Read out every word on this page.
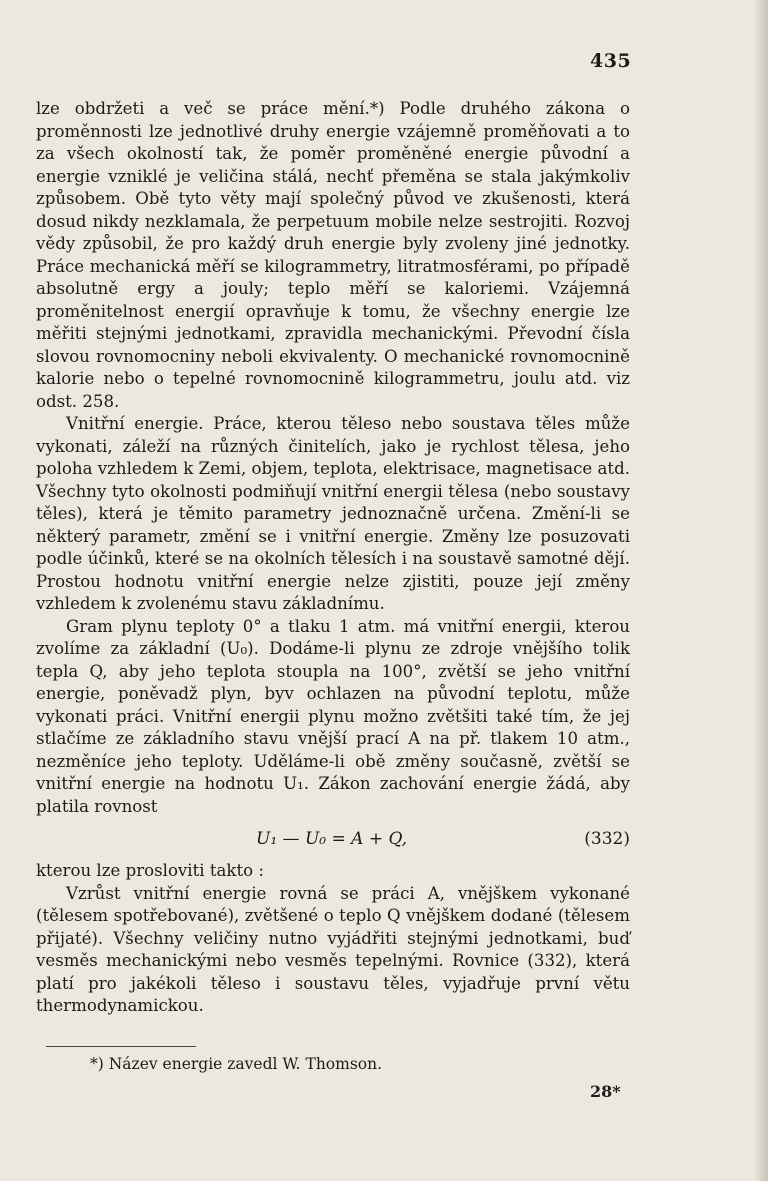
435

lze obdržeti a več se práce mění.*) Podle druhého zákona o proměnnosti lze jednotlivé druhy energie vzájemně proměňovati a to za všech okolností tak, že poměr proměněné energie původní a energie vzniklé je veličina stálá, nechť přeměna se stala jakýmkoliv způsobem. Obě tyto věty mají společný původ ve zkušenosti, která dosud nikdy nezklamala, že perpetuum mobile nelze sestrojiti. Rozvoj vědy způsobil, že pro každý druh energie byly zvoleny jiné jednotky. Práce mechanická měří se kilogrammetry, litratmosférami, po případě absolutně ergy a jouly; teplo měří se kaloriemi. Vzájemná proměnitelnost energií opravňuje k tomu, že všechny energie lze měřiti stejnými jednotkami, zpravidla mechanickými. Převodní čísla slovou rovnomocniny neboli ekvivalenty. O mechanické rovnomocnině kalorie nebo o tepelné rovnomocnině kilogrammetru, joulu atd. viz odst. 258.

Vnitřní energie. Práce, kterou těleso nebo soustava těles může vykonati, záleží na různých činitelích, jako je rychlost tělesa, jeho poloha vzhledem k Zemi, objem, teplota, elektrisace, magnetisace atd. Všechny tyto okolnosti podmiňují vnitřní energii tělesa (nebo soustavy těles), která je těmito parametry jednoznačně určena. Změní-li se některý parametr, změní se i vnitřní energie. Změny lze posuzovati podle účinků, které se na okolních tělesích i na soustavě samotné dějí. Prostou hodnotu vnitřní energie nelze zjistiti, pouze její změny vzhledem k zvolenému stavu základnímu.

Gram plynu teploty 0° a tlaku 1 atm. má vnitřní energii, kterou zvolíme za základní (U₀). Dodáme-li plynu ze zdroje vnějšího tolik tepla Q, aby jeho teplota stoupla na 100°, zvětší se jeho vnitřní energie, poněvadž plyn, byv ochlazen na původní teplotu, může vykonati práci. Vnitřní energii plynu možno zvětšiti také tím, že jej stlačíme ze základního stavu vnější prací A na př. tlakem 10 atm., nezměníce jeho teploty. Uděláme-li obě změny současně, zvětší se vnitřní energie na hodnotu U₁. Zákon zachování energie žádá, aby platila rovnost

U₁ — U₀ = A + Q,	(332)

kterou lze prosloviti takto :

Vzrůst vnitřní energie rovná se práci A, vnějškem vykonané (tělesem spotřebované), zvětšené o teplo Q vnějškem dodané (tělesem přijaté). Všechny veličiny nutno vyjádřiti stejnými jednotkami, buď vesměs mechanickými nebo vesměs tepelnými. Rovnice (332), která platí pro jakékoli těleso i soustavu těles, vyjadřuje první větu thermodynamickou.

*) Název energie zavedl W. Thomson.
28*
